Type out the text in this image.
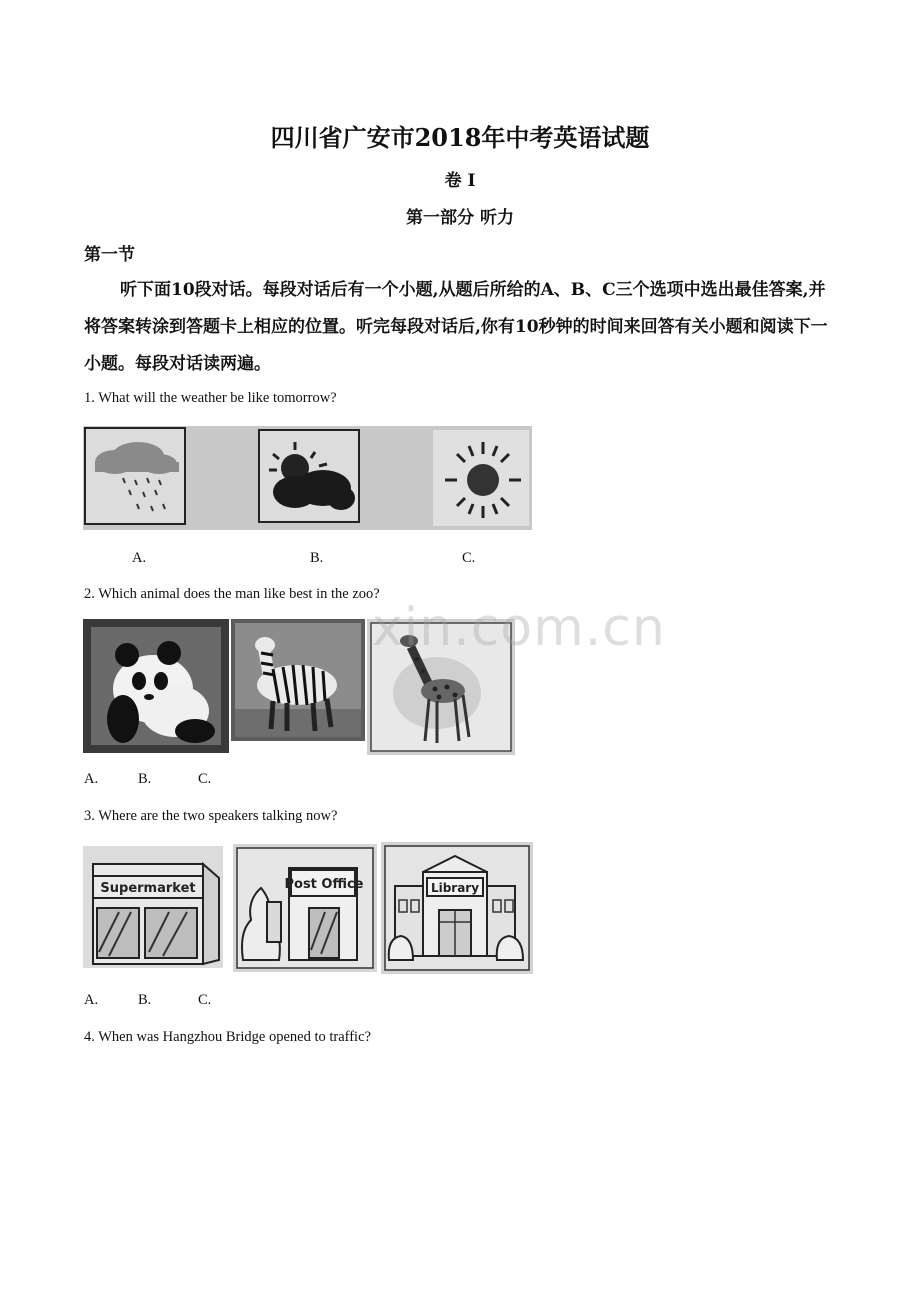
四川省广安市2018年中考英语试题
卷 I
第一部分 听力
第一节

听下面10段对话。每段对话后有一个小题,从题后所给的A、B、C三个选项中选出最佳答案,并将答案转涂到答题卡上相应的位置。听完每段对话后,你有10秒钟的时间来回答有关小题和阅读下一小题。每段对话读两遍。

1. What will the weather be like tomorrow?
A.	B.	C.
2. Which animal does the man like best in the zoo?
A.	B.	C.
3. Where are the two speakers talking now?
Supermarket	Post Office	Library
A.	B.	C.
4. When was Hangzhou Bridge opened to traffic?
xin.com.cn
